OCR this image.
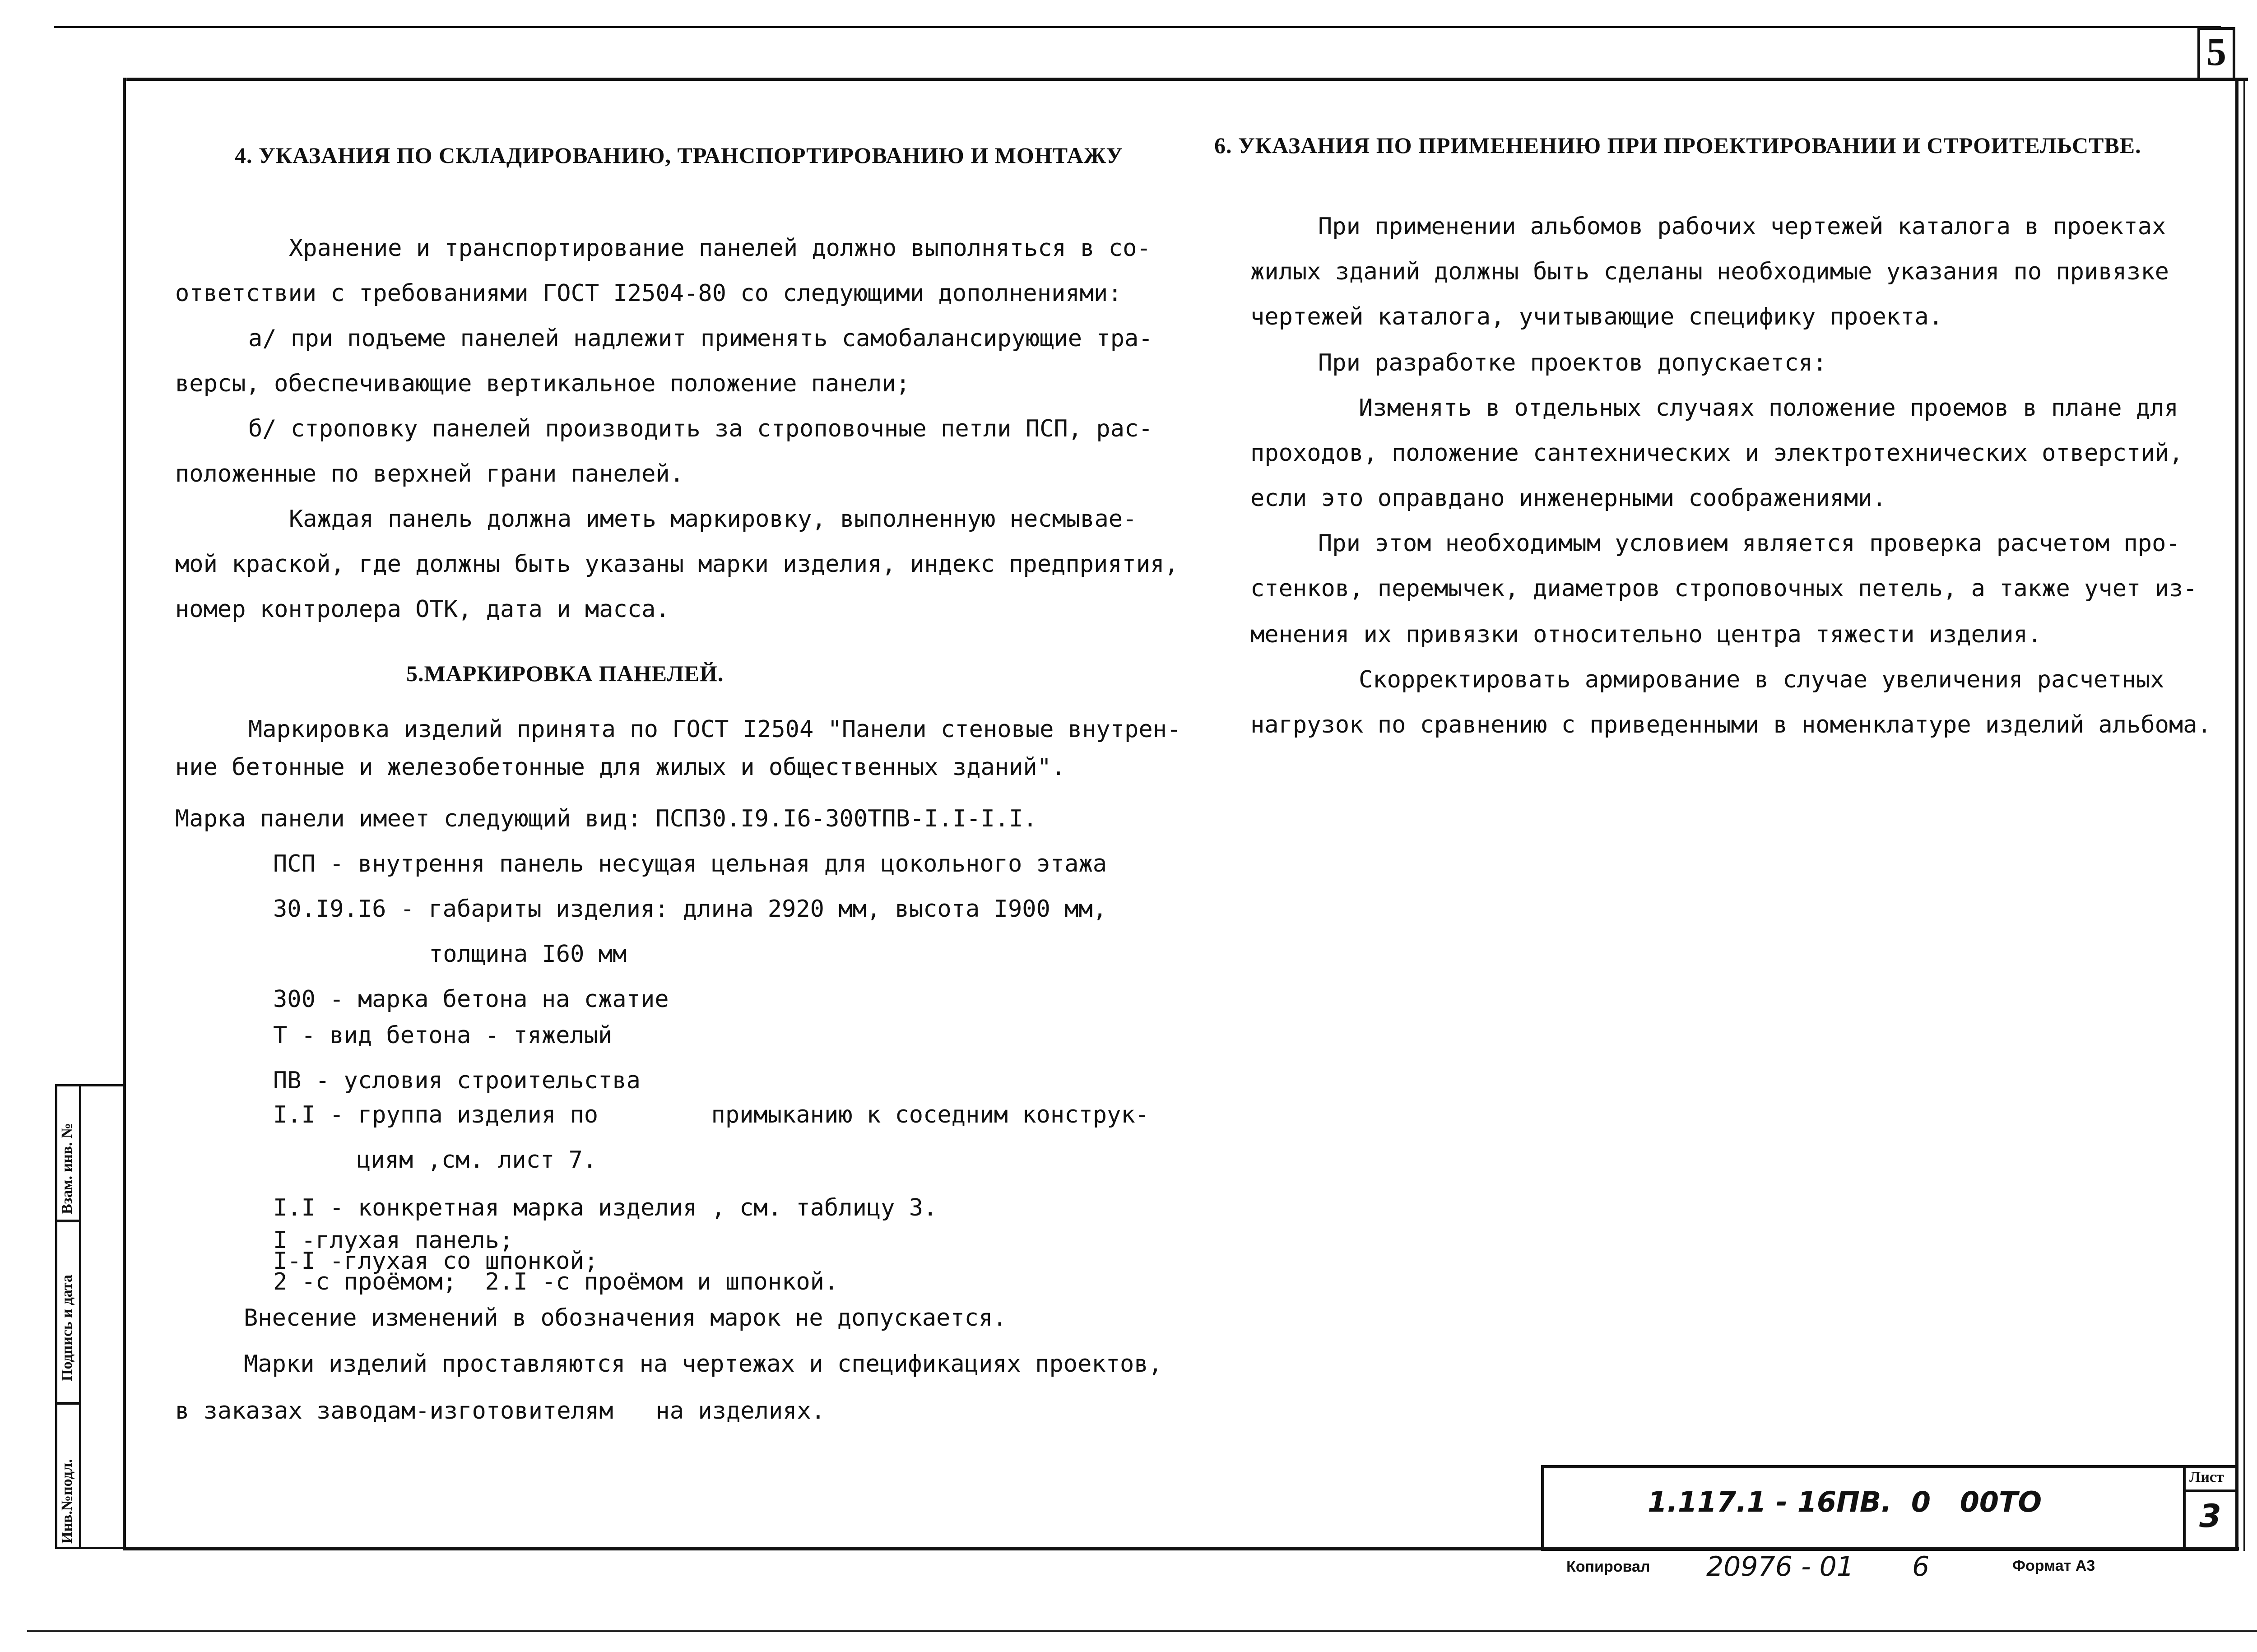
5
Взам. инв. №
Подпись и дата
Инв.№подл.
4. УКАЗАНИЯ ПО СКЛАДИРОВАНИЮ, ТРАНСПОРТИРОВАНИЮ И МОНТАЖУ
Хранение и транспортирование панелей должно выполняться в со-
ответствии с требованиями ГОСТ I2504-80 со следующими дополнениями:
а/ при подъеме панелей надлежит применять самобалансирующие тра-
версы, обеспечивающие вертикальное положение панели;
б/ строповку панелей производить за строповочные петли ПСП, рас-
положенные по верхней грани панелей.
Каждая панель должна иметь маркировку, выполненную несмывае-
мой краской, где должны быть указаны марки изделия, индекс предприятия,
номер контролера ОТК, дата и масса.
5.МАРКИРОВКА ПАНЕЛЕЙ.
Маркировка изделий принята по ГОСТ I2504 "Панели стеновые внутрен-
ние бетонные и железобетонные для жилых и общественных зданий".
Марка панели имеет следующий вид: ПСП30.I9.I6-300ТПВ-I.I-I.I.
ПСП - внутрення панель несущая цельная для цокольного этажа
30.I9.I6 - габариты изделия: длина 2920 мм, высота I900 мм,
толщина I60 мм
300 - марка бетона на сжатие
Т - вид бетона - тяжелый
ПВ - условия строительства
I.I - группа изделия по        примыканию к соседним конструк-
циям ,см. лист 7.
I.I - конкретная марка изделия , см. таблицу 3.
I -глухая панель;
I-I -глухая со шпонкой;
2 -с проёмом;  2.I -с проёмом и шпонкой.
Внесение изменений в обозначения марок не допускается.
Марки изделий проставляются на чертежах и спецификациях проектов,
в заказах заводам-изготовителям   на изделиях.
6. УКАЗАНИЯ ПО ПРИМЕНЕНИЮ ПРИ ПРОЕКТИРОВАНИИ И СТРОИТЕЛЬСТВЕ.
При применении альбомов рабочих чертежей каталога в проектах
жилых зданий должны быть сделаны необходимые указания по привязке
чертежей каталога, учитывающие специфику проекта.
При разработке проектов допускается:
Изменять в отдельных случаях положение проемов в плане для
проходов, положение сантехнических и электротехнических отверстий,
если это оправдано инженерными соображениями.
При этом необходимым условием является проверка расчетом про-
стенков, перемычек, диаметров строповочных петель, а также учет из-
менения их привязки относительно центра тяжести изделия.
Скорректировать армирование в случае увеличения расчетных
нагрузок по сравнению с приведенными в номенклатуре изделий альбома.
1.117.1 - 16ПВ.  0   00ТО
Лист
3
Копировал 20976 - 01 6	Формат А3
